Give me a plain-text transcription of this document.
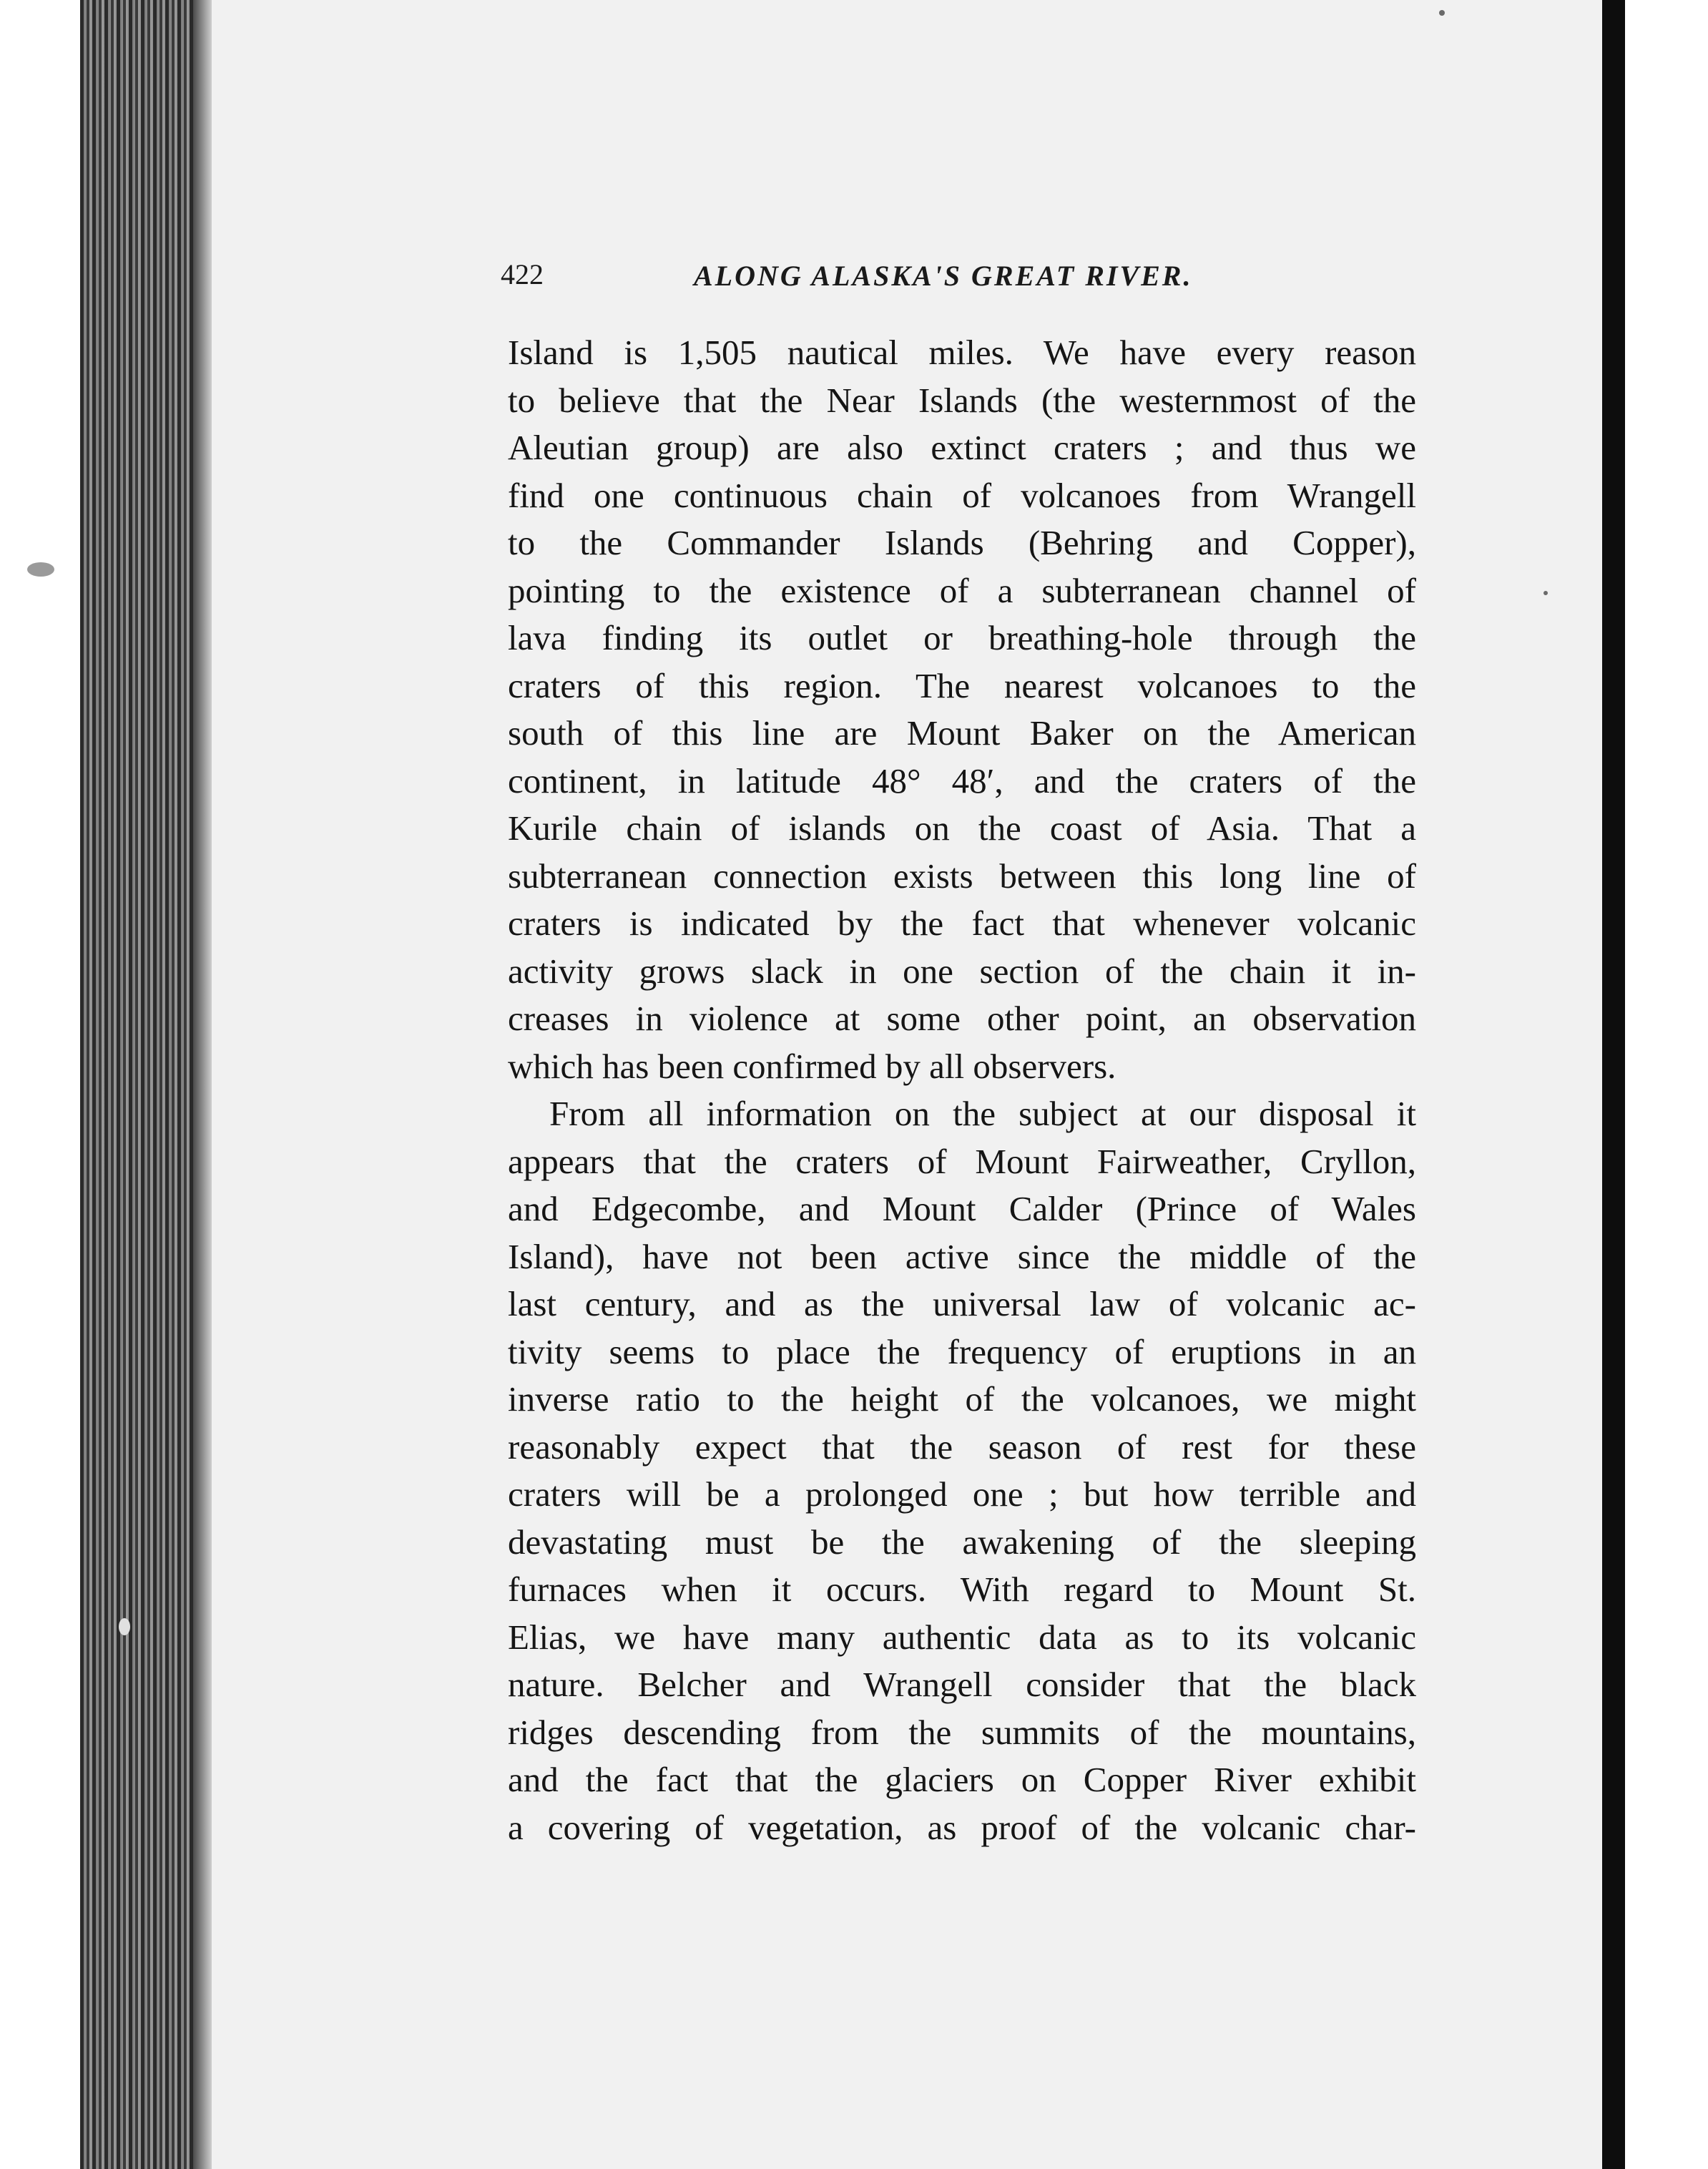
422	ALONG ALASKA'S GREAT RIVER.
Island is 1,505 nautical miles. We have every reason
to believe that the Near Islands (the westernmost of the
Aleutian group) are also extinct craters ; and thus we
find one continuous chain of volcanoes from Wrangell
to the Commander Islands (Behring and Copper),
pointing to the existence of a subterranean channel of
lava finding its outlet or breathing-hole through the
craters of this region. The nearest volcanoes to the
south of this line are Mount Baker on the American
continent, in latitude 48° 48′, and the craters of the
Kurile chain of islands on the coast of Asia. That a
subterranean connection exists between this long line of
craters is indicated by the fact that whenever volcanic
activity grows slack in one section of the chain it in-
creases in violence at some other point, an observation
which has been confirmed by all observers.
From all information on the subject at our disposal it
appears that the craters of Mount Fairweather, Cryllon,
and Edgecombe, and Mount Calder (Prince of Wales
Island), have not been active since the middle of the
last century, and as the universal law of volcanic ac-
tivity seems to place the frequency of eruptions in an
inverse ratio to the height of the volcanoes, we might
reasonably expect that the season of rest for these
craters will be a prolonged one ; but how terrible and
devastating must be the awakening of the sleeping
furnaces when it occurs. With regard to Mount St.
Elias, we have many authentic data as to its volcanic
nature. Belcher and Wrangell consider that the black
ridges descending from the summits of the mountains,
and the fact that the glaciers on Copper River exhibit
a covering of vegetation, as proof of the volcanic char-
